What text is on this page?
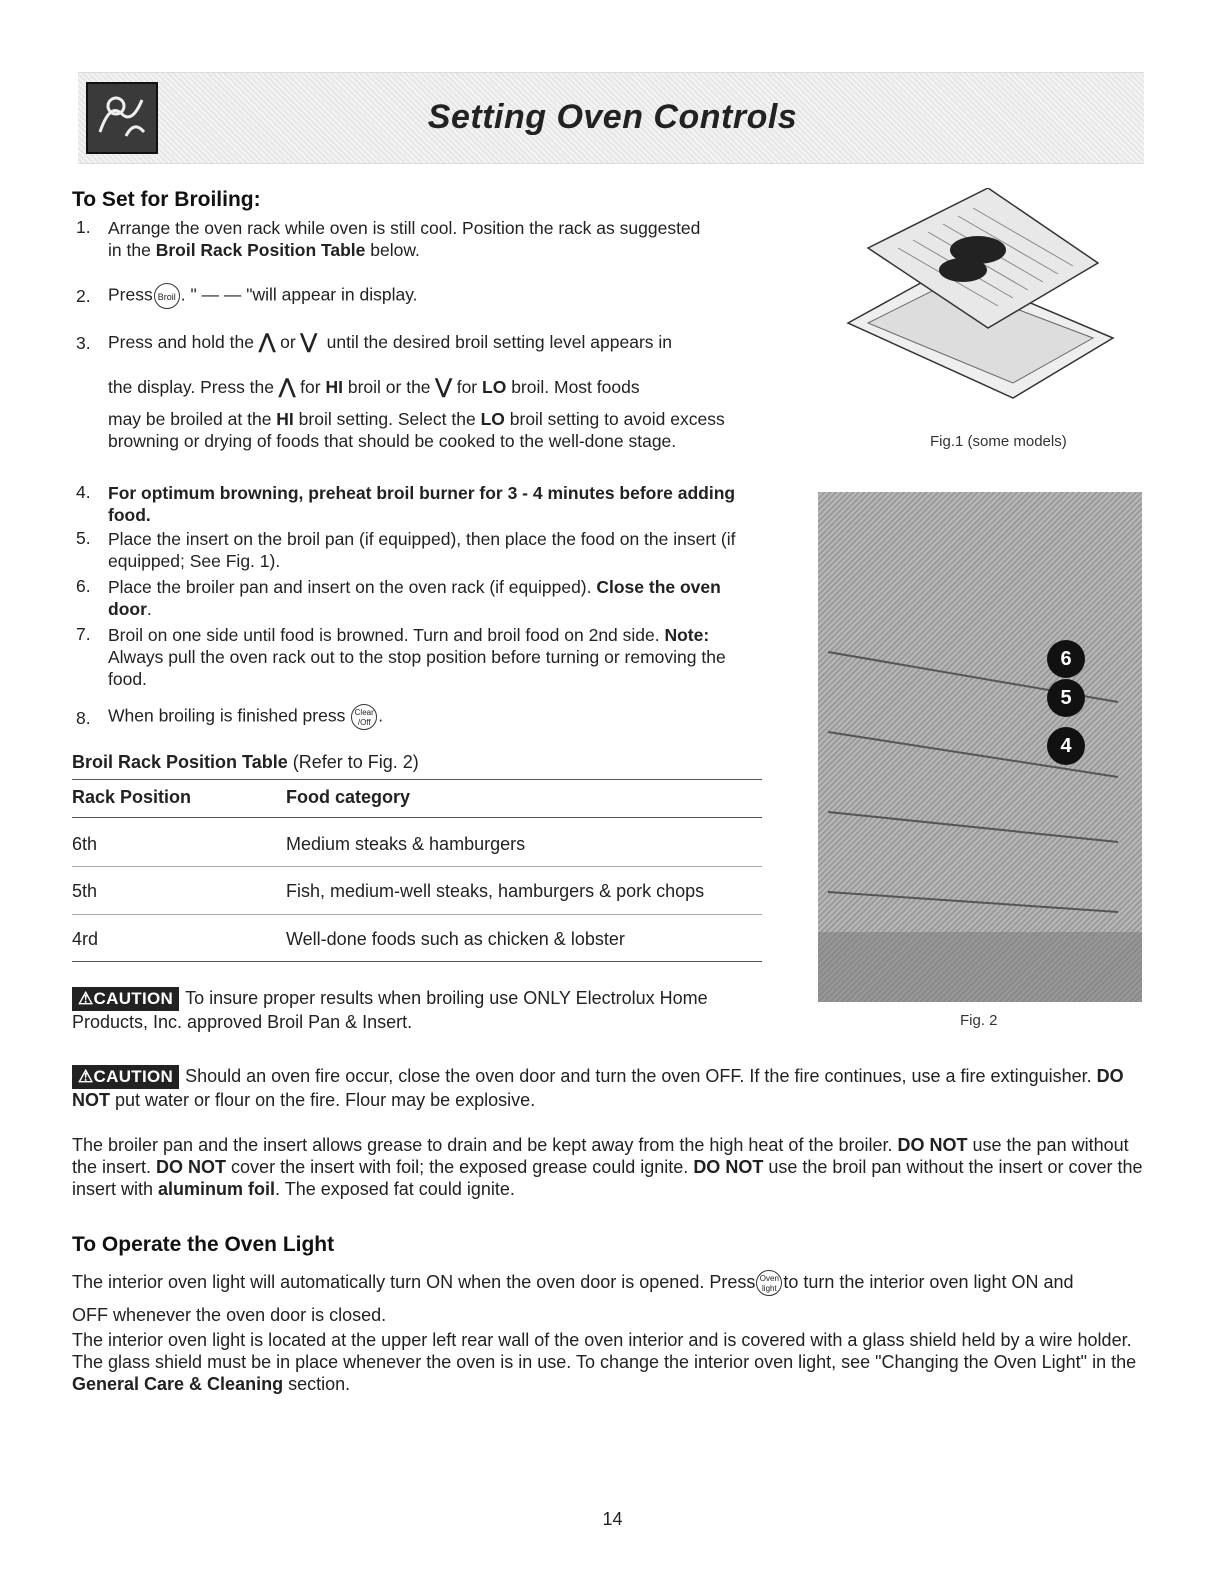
Setting Oven Controls
To Set for Broiling:
1. Arrange the oven rack while oven is still cool. Position the rack as suggested in the Broil Rack Position Table below.
2. Press Broil . " — — "will appear in display.
3. Press and hold the ⋀ or ⋁ until the desired broil setting level appears in
the display. Press the ⋀ for HI broil or the ⋁ for LO broil. Most foods
may be broiled at the HI broil setting. Select the LO broil setting to avoid excess browning or drying of foods that should be cooked to the well-done stage.
4. For optimum browning, preheat broil burner for 3 - 4 minutes before adding food.
5. Place the insert on the broil pan (if equipped), then place the food on the insert (if equipped; See Fig. 1).
6. Place the broiler pan and insert on the oven rack (if equipped). Close the oven door.
7. Broil on one side until food is browned. Turn and broil food on 2nd side. Note: Always pull the oven rack out to the stop position before turning or removing the food.
8. When broiling is finished press Clear
/Off .
Broil Rack Position Table (Refer to Fig. 2)
Rack Position	Food category
6th	Medium steaks & hamburgers
5th	Fish, medium-well steaks, hamburgers & pork chops
4rd	Well-done foods such as chicken & lobster
⚠CAUTION To insure proper results when broiling use ONLY Electrolux Home Products, Inc. approved Broil Pan & Insert.
⚠CAUTION Should an oven fire occur, close the oven door and turn the oven OFF. If the fire continues, use a fire extinguisher. DO NOT put water or flour on the fire. Flour may be explosive.
The broiler pan and the insert allows grease to drain and be kept away from the high heat of the broiler. DO NOT use the pan without the insert. DO NOT cover the insert with foil; the exposed grease could ignite. DO NOT use the broil pan without the insert or cover the insert with aluminum foil. The exposed fat could ignite.
To Operate the Oven Light
The interior oven light will automatically turn ON when the oven door is opened. Press Oven
light to turn the interior oven light ON and
OFF whenever the oven door is closed.
The interior oven light is located at the upper left rear wall of the oven interior and is covered with a glass shield held by a wire holder. The glass shield must be in place whenever the oven is in use. To change the interior oven light, see "Changing the Oven Light" in the General Care & Cleaning section.
Fig.1 (some models)
6
5
4
Fig. 2
14
